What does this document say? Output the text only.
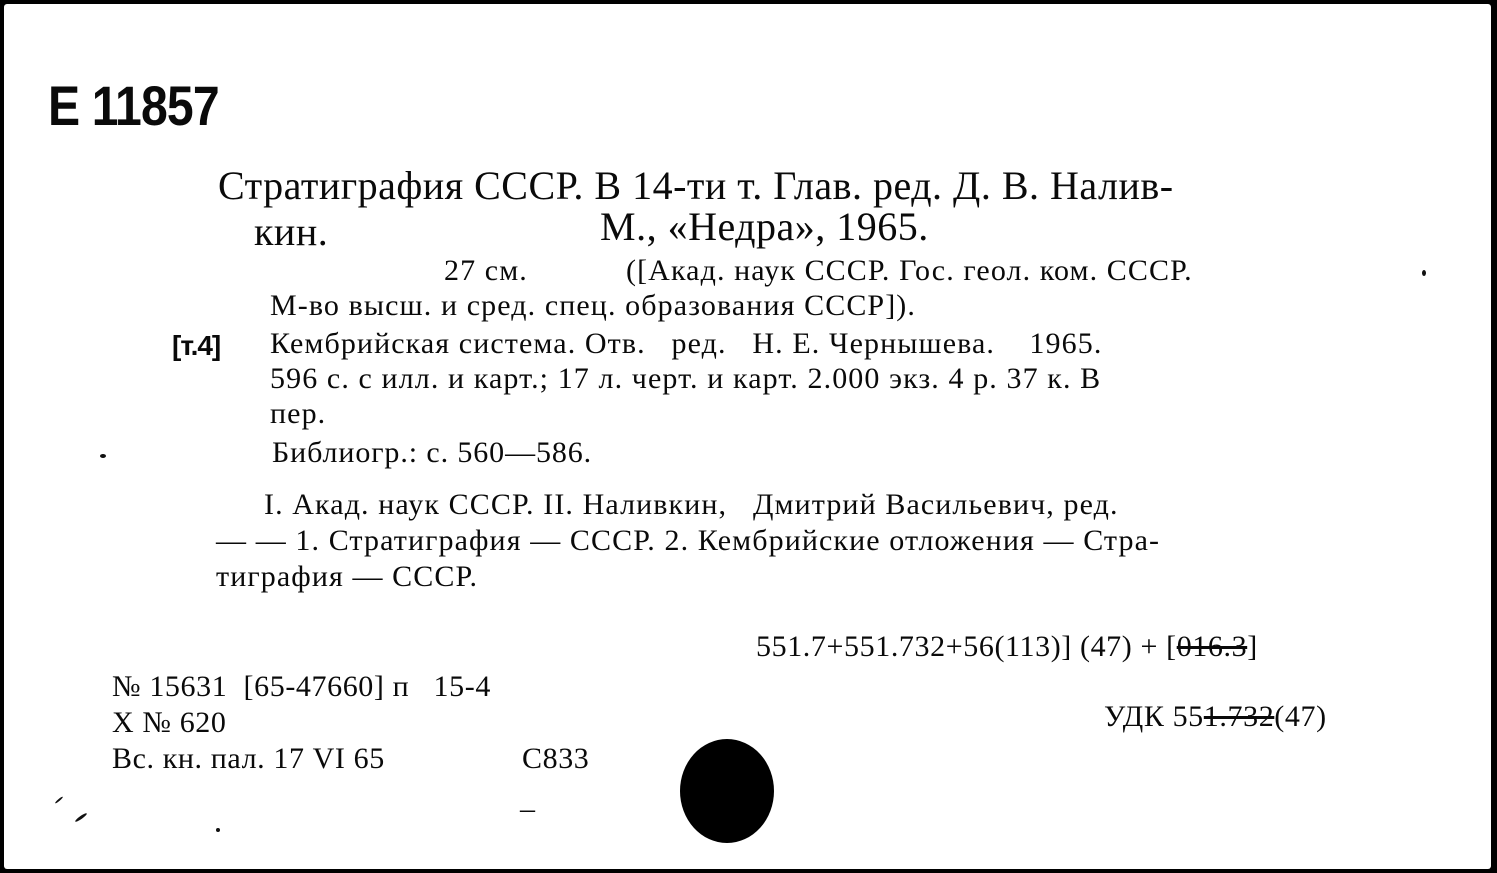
E 11857
Стратиграфия СССР. В 14-ти т. Глав. ред. Д. В. Налив-
кин.	М., «Недра», 1965.
27 см.	([Акад. наук СССР. Гос. геол. ком. СССР.
М-во высш. и сред. спец. образования СССР]).
[т.4] Кембрийская система. Отв.   ред.   Н. Е. Чернышева.    1965.
596 с. с илл. и карт.; 17 л. черт. и карт. 2.000 экз. 4 р. 37 к. В
пер.
Библиогр.: с. 560—586.
I. Акад. наук СССР. II. Наливкин,   Дмитрий Васильевич, ред.
— — 1. Стратиграфия — СССР. 2. Кембрийские отложения — Стра-
тиграфия — СССР.
551.7+551.732+56(113)] (47) + [016.3]
№ 15631  [65-47660] п   15-4
Х № 620
Вс. кн. пал. 17 VI 65	С833
УДК 551.732(47)
–
